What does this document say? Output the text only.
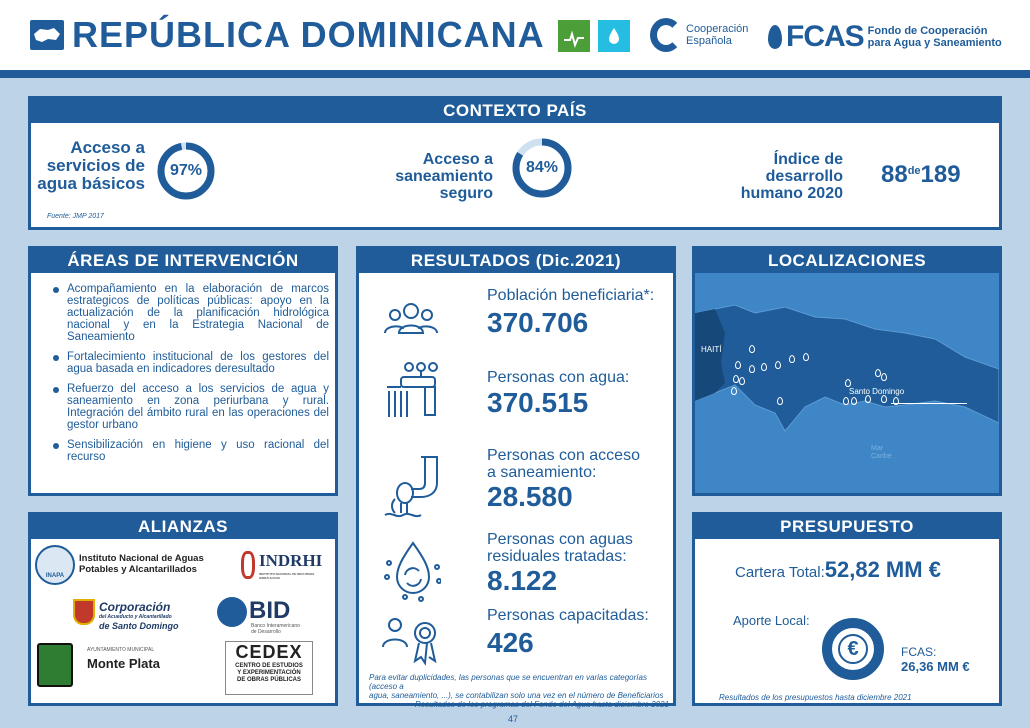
REPÚBLICA DOMINICANA	Cooperación
Española	FCAS Fondo de Cooperación
para Agua y Saneamiento
CONTEXTO PAÍS
Acceso a
servicios de
agua básicos
97%
Acceso a
saneamiento
seguro
84%	Índice de
desarrollo
humano 2020
88de189
Fuente: JMP 2017
ÁREAS DE INTERVENCIÓN
Acompañamiento en la elaboración de marcos estrategicos de políticas públicas: apoyo en la actualización de la planificación hidrológica nacional y en la Estrategia Nacional de Saneamiento
Fortalecimiento institucional de los gestores del agua basada en indicadores deresultado
Refuerzo del acceso a los servicios de agua y saneamiento en zona periurbana y rural. Integración del ámbito rural en las operaciones del gestor urbano
Sensibilización en higiene y uso racional del recurso
ALIANZAS
INAPA
Instituto Nacional de Aguas
Potables y Alcantarillados	INDRHI
INSTITUTO NACIONAL DE RECURSOS HIDRÁULICOS
Corporación
del Acueducto y Alcantarillado
de Santo Domingo
BID
Banco Interamericano
de Desarrollo
AYUNTAMIENTO MUNICIPAL
Monte Plata
CEDEX
CENTRO DE ESTUDIOS
Y EXPERIMENTACIÓN
DE OBRAS PÚBLICAS
RESULTADOS (Dic.2021)
Población beneficiaria*:
370.706
Personas con agua:
370.515
Personas con acceso
a saneamiento:
28.580
Personas con aguas
residuales tratadas:
8.122
Personas capacitadas:
426
Para evitar duplicidades, las personas que se encuentran en varias categorías (acceso a
agua, saneamiento, ...), se contabilizan solo una vez en el número de Beneficiarios
Resultados de los programas del Fondo del Agua hasta diciembre 2021
LOCALIZACIONES
HAITÍ
Santo Domingo
Mar Caribe
PRESUPUESTO
Cartera Total:52,82 MM €
Aporte Local:
€	FCAS:
26,36 MM €
Resultados de los presupuestos hasta diciembre 2021
47
